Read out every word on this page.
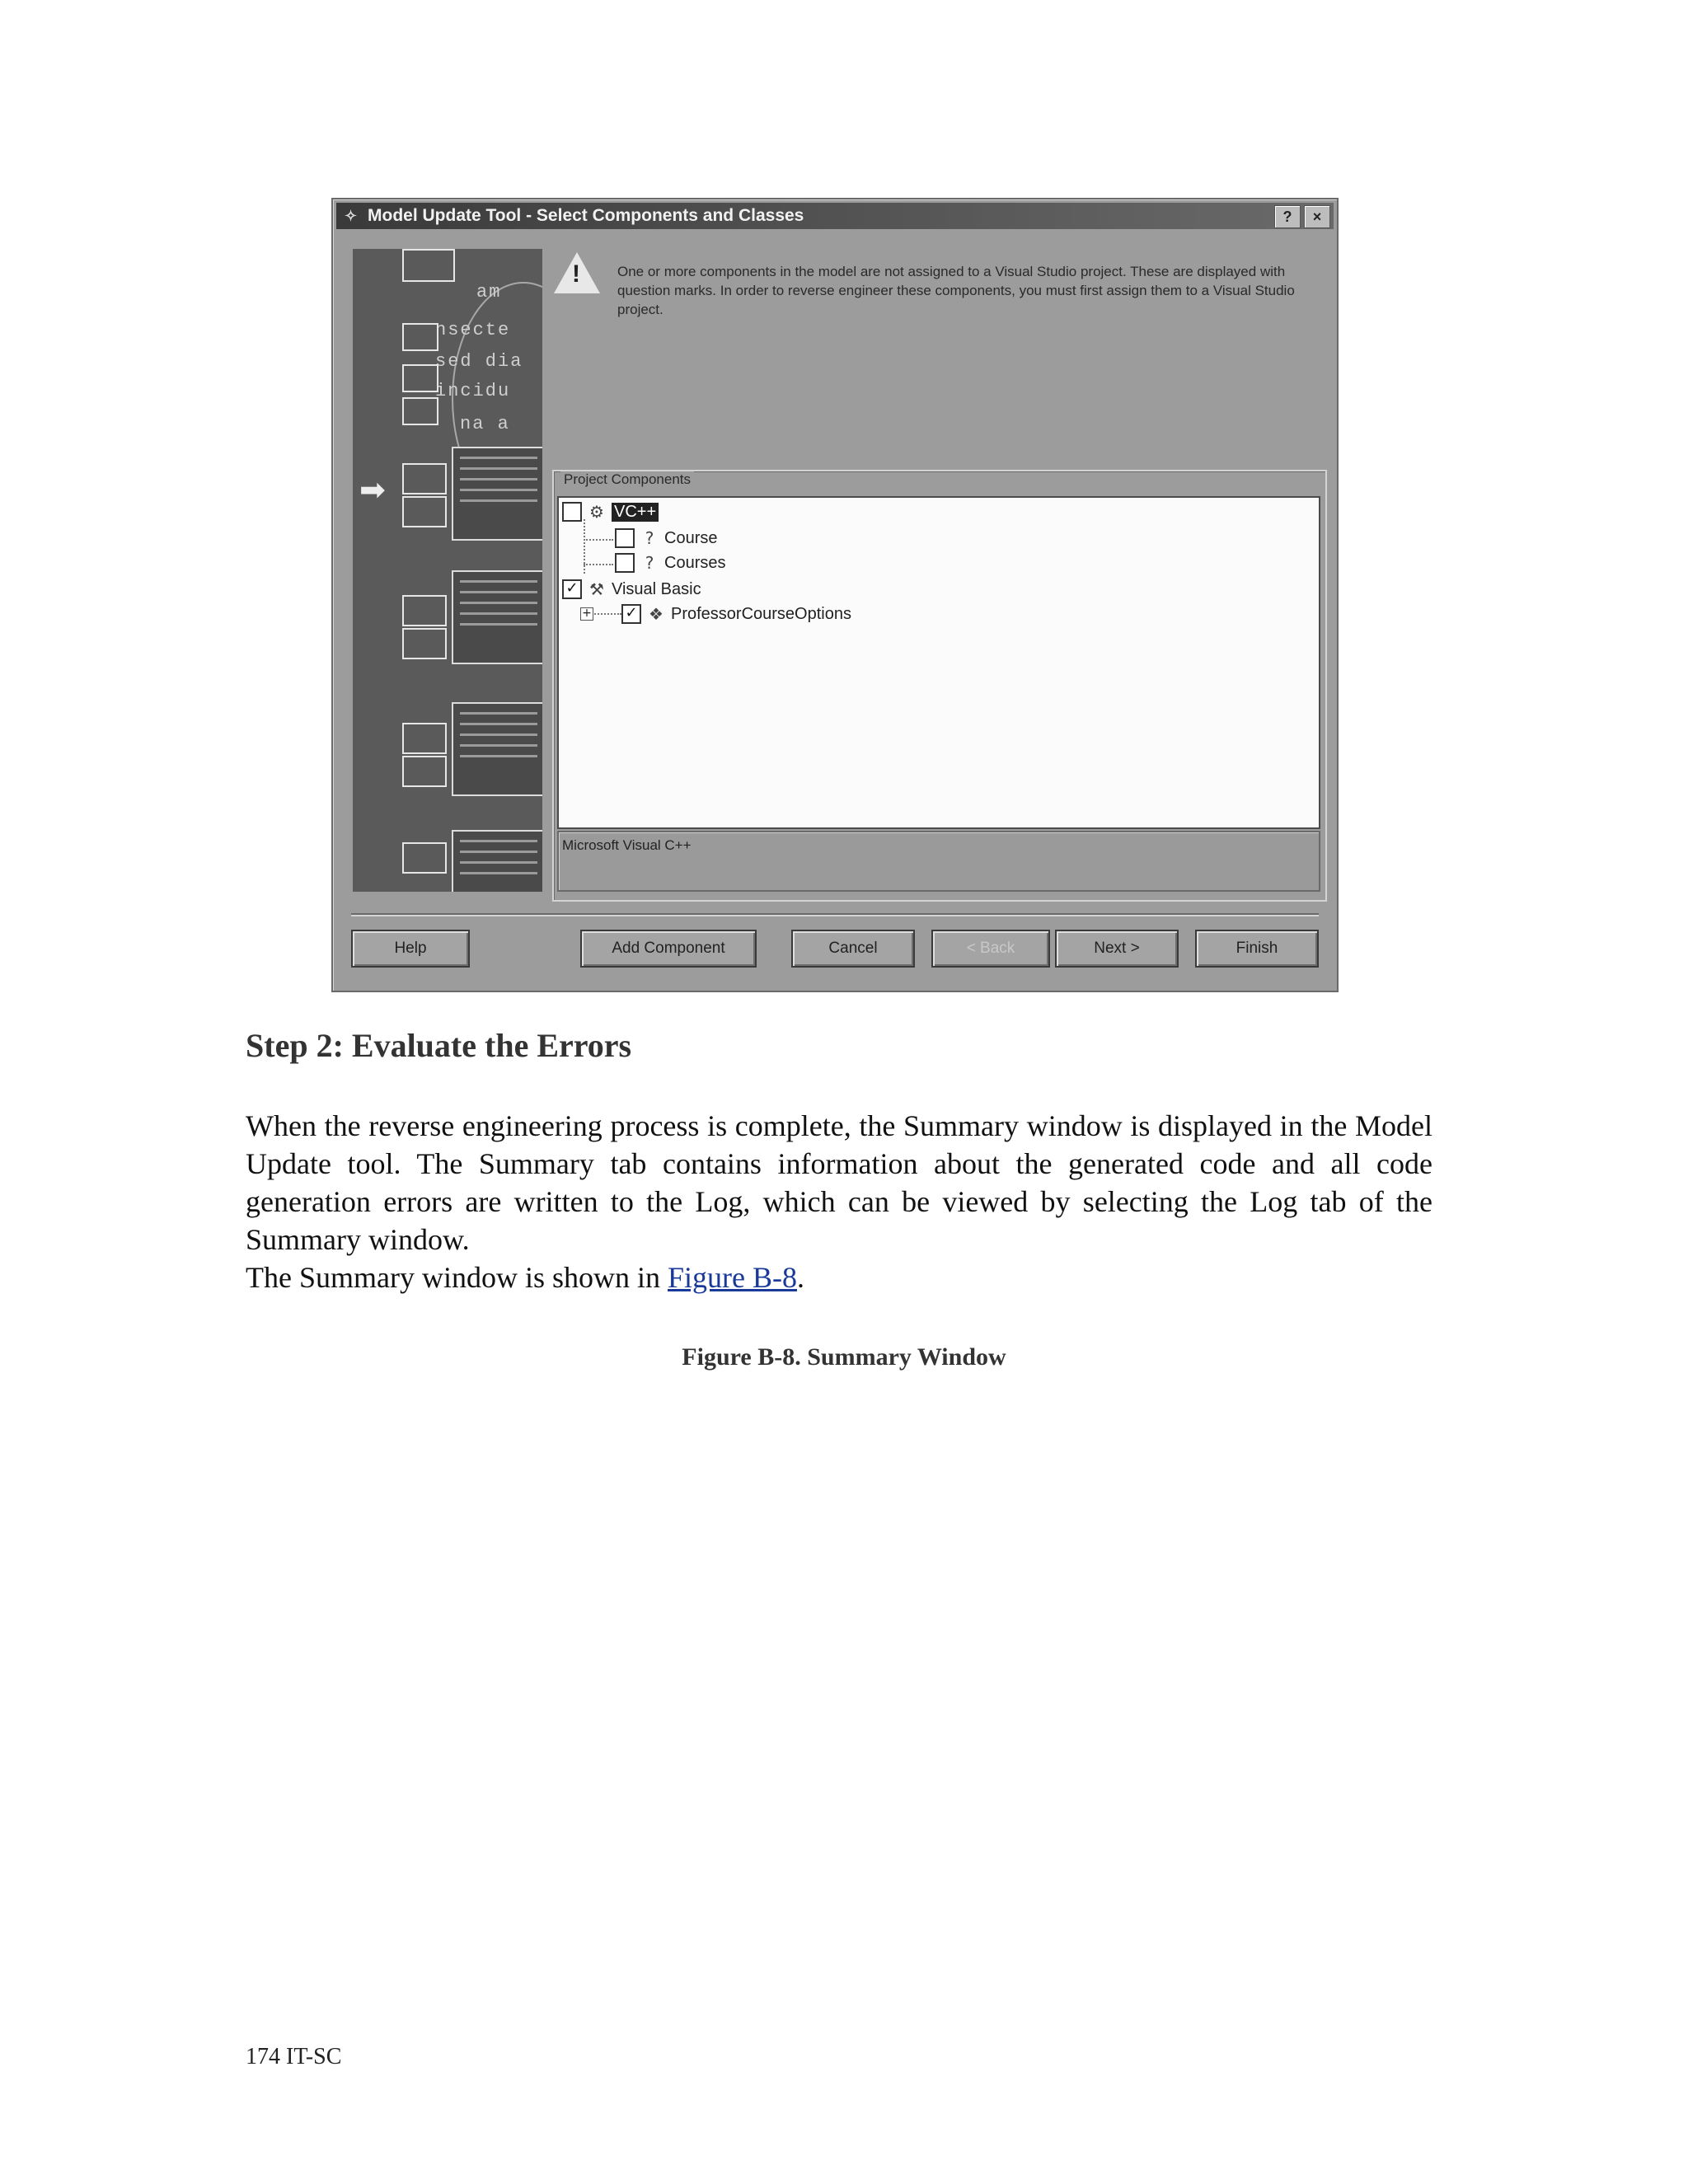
✧ Model Update Tool - Select Components and Classes	?	×
am
nsecte
sed dia
incidu
na a
➡
!	One or more components in the model are not assigned to a Visual Studio project. These are displayed with question marks. In order to reverse engineer these components, you must first assign them to a Visual Studio project.
Project Components
⚙ VC++
? Course
? Courses
✓ ⚒ Visual Basic
+ ✓ ❖ ProfessorCourseOptions
Microsoft Visual C++
Help	Add Component	Cancel	< Back	Next >	Finish
Step 2: Evaluate the Errors
When the reverse engineering process is complete, the Summary window is displayed in the Model Update tool. The Summary tab contains information about the generated code and all code generation errors are written to the Log, which can be viewed by selecting the Log tab of the Summary window.
The Summary window is shown in Figure B-8.
Figure B-8. Summary Window
174 IT-SC
